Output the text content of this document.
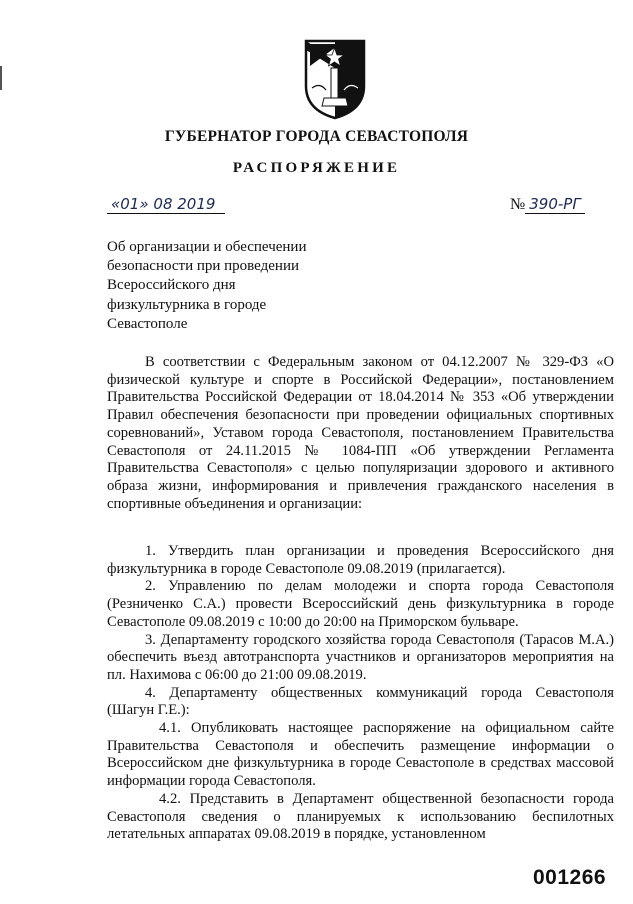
ГУБЕРНАТОР ГОРОДА СЕВАСТОПОЛЯ
РАСПОРЯЖЕНИЕ
«01» 08 2019	№ 390-РГ
Об организации и обеспечении
безопасности при проведении
Всероссийского дня
физкультурника в городе
Севастополе

В соответствии с Федеральным законом от 04.12.2007 № 329-ФЗ «О физической культуре и спорте в Российской Федерации», постановлением Правительства Российской Федерации от 18.04.2014 № 353 «Об утверждении Правил обеспечения безопасности при проведении официальных спортивных соревнований», Уставом города Севастополя, постановлением Правительства Севастополя от 24.11.2015 № 1084-ПП «Об утверждении Регламента Правительства Севастополя» с целью популяризации здорового и активного образа жизни, информирования и привлечения гражданского населения в спортивные объединения и организации:

1. Утвердить план организации и проведения Всероссийского дня физкультурника в городе Севастополе 09.08.2019 (прилагается).

2. Управлению по делам молодежи и спорта города Севастополя (Резниченко С.А.) провести Всероссийский день физкультурника в городе Севастополе 09.08.2019 с 10:00 до 20:00 на Приморском бульваре.

3. Департаменту городского хозяйства города Севастополя (Тарасов М.А.) обеспечить въезд автотранспорта участников и организаторов мероприятия на пл. Нахимова с 06:00 до 21:00 09.08.2019.

4. Департаменту общественных коммуникаций города Севастополя (Шагун Г.Е.):

4.1. Опубликовать настоящее распоряжение на официальном сайте Правительства Севастополя и обеспечить размещение информации о Всероссийском дне физкультурника в городе Севастополе в средствах массовой информации города Севастополя.

4.2. Представить в Департамент общественной безопасности города Севастополя сведения о планируемых к использованию беспилотных летательных аппаратах 09.08.2019 в порядке, установленном

001266
